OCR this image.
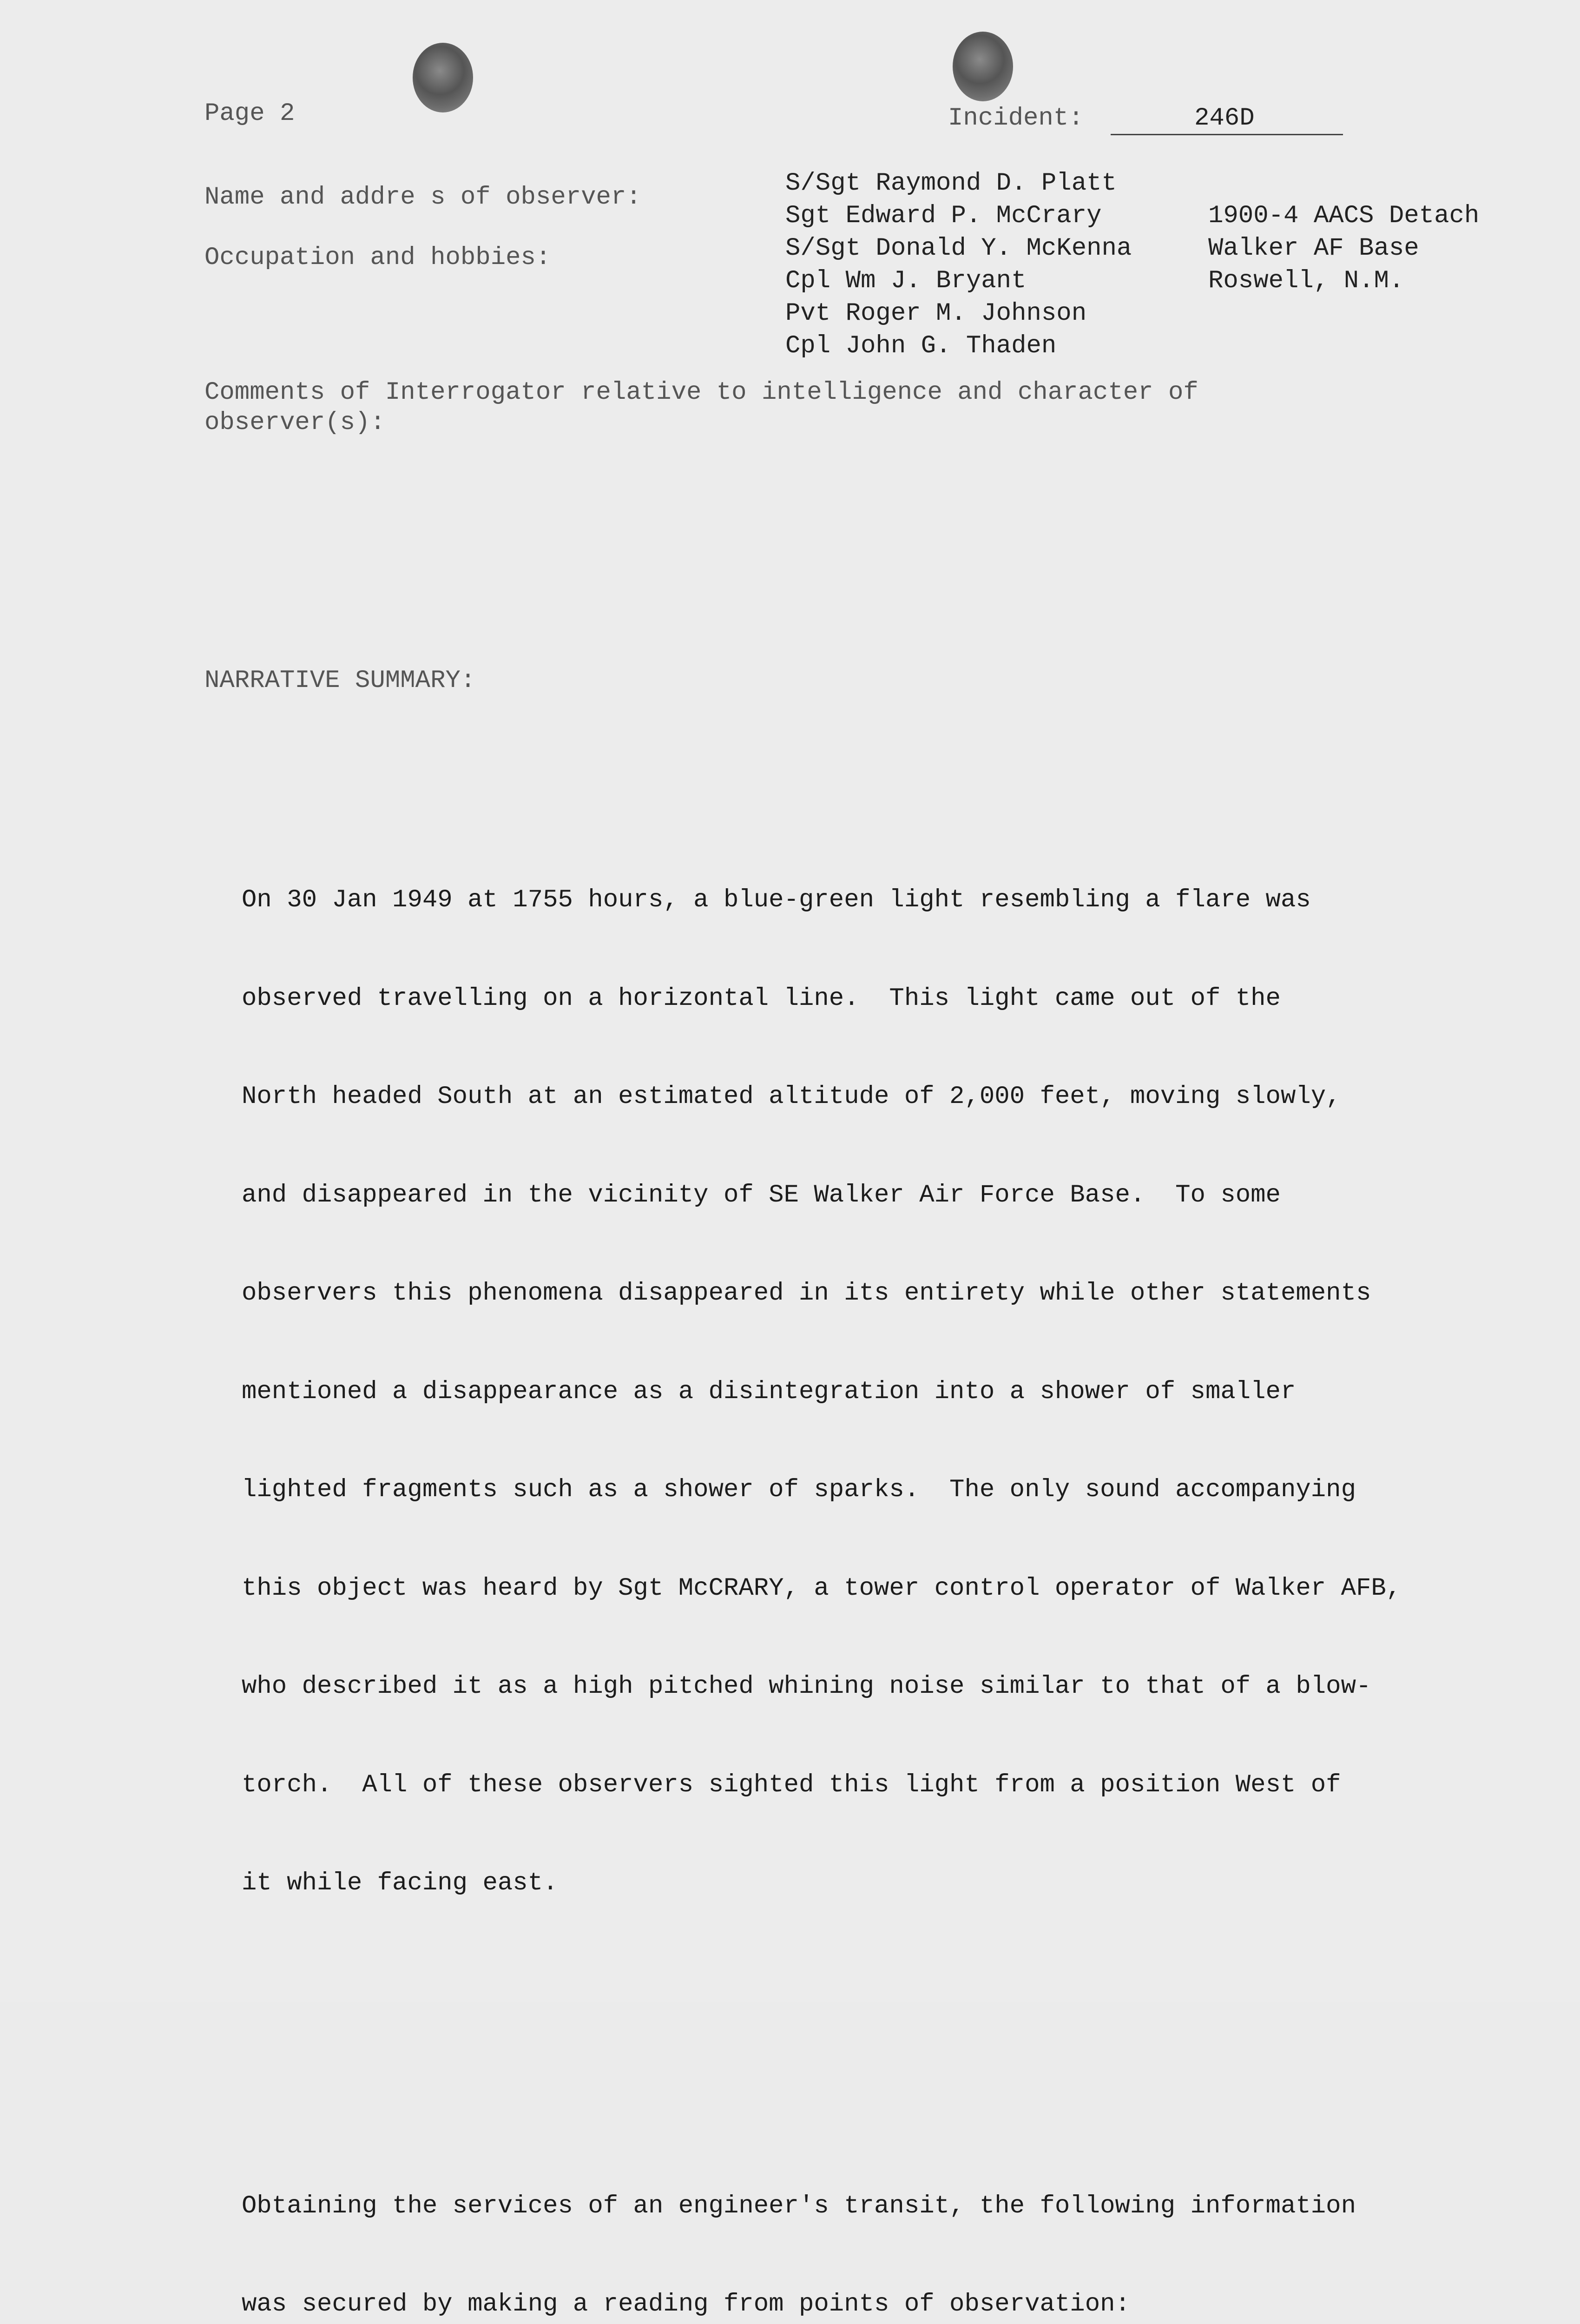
Page 2	Incident:	246D
Name and addre s of observer:
Occupation and hobbies:
S/Sgt Raymond D. Platt
Sgt Edward P. McCrary
S/Sgt Donald Y. McKenna
Cpl Wm J. Bryant
Pvt Roger M. Johnson
Cpl John G. Thaden
1900-4 AACS Detach
Walker AF Base
Roswell, N.M.
Comments of Interrogator relative to intelligence and character of
observer(s):
NARRATIVE SUMMARY:

On 30 Jan 1949 at 1755 hours, a blue-green light resembling a flare was

observed travelling on a horizontal line.  This light came out of the

North headed South at an estimated altitude of 2,000 feet, moving slowly,

and disappeared in the vicinity of SE Walker Air Force Base.  To some

observers this phenomena disappeared in its entirety while other statements

mentioned a disappearance as a disintegration into a shower of smaller

lighted fragments such as a shower of sparks.  The only sound accompanying

this object was heard by Sgt McCRARY, a tower control operator of Walker AFB,

who described it as a high pitched whining noise similar to that of a blow-

torch.  All of these observers sighted this light from a position West of

it while facing east.

Obtaining the services of an engineer's transit, the following information

was secured by making a reading from points of observation:
